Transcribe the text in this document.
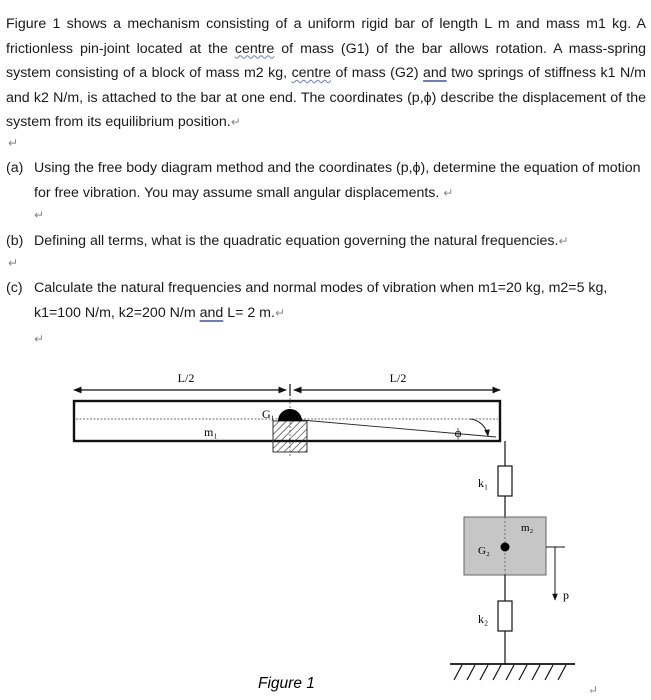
Figure 1 shows a mechanism consisting of a uniform rigid bar of length L m and mass m1 kg. A frictionless pin-joint located at the centre of mass (G1) of the bar allows rotation. A mass-spring system consisting of a block of mass m2 kg, centre of mass (G2) and two springs of stiffness k1 N/m and k2 N/m, is attached to the bar at one end. The coordinates (p,ϕ) describe the displacement of the system from its equilibrium position.↵
↵
(a) Using the free body diagram method and the coordinates (p,ϕ), determine the equation of motion for free vibration. You may assume small angular displacements. ↵
↵
(b) Defining all terms, what is the quadratic equation governing the natural frequencies.↵
↵
(c) Calculate the natural frequencies and normal modes of vibration when m1=20 kg, m2=5 kg, k1=100 N/m, k2=200 N/m and L= 2 m.↵
↵
L/2	L/2
ϕ
G₁
m₁
k₁
G₂
m₂
p
k₂
Figure 1	↵
